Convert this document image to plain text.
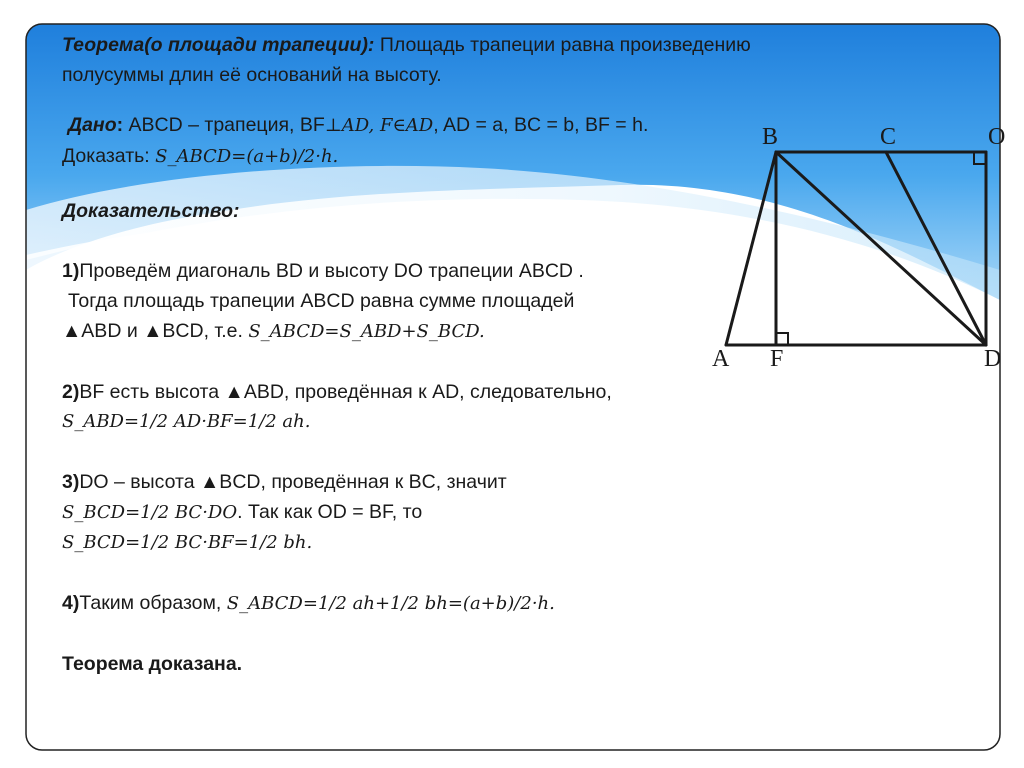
Теорема(о площади трапеции): Площадь трапеции равна произведению
полусуммы длин её оснований на высоту.
Дано: ABCD – трапеция, BF⊥AD, F∈AD, AD = a, BC = b, BF = h.
Доказать: S_ABCD=(a+b)/2·h.
Доказательство:
1)Проведём диагональ BD и высоту DO трапеции ABCD .
Тогда площадь трапеции ABCD равна сумме площадей
▲ABD и ▲BCD, т.е. S_ABCD=S_ABD+S_BCD.
2)BF есть высота ▲ABD, проведённая к AD, следовательно,
S_ABD=1/2 AD·BF=1/2 ah.
3)DO – высота ▲BCD, проведённая к BC, значит
S_BCD=1/2 BC·DO. Так как OD = BF, то
S_BCD=1/2 BC·BF=1/2 bh.
4)Таким образом, S_ABCD=1/2 ah+1/2 bh=(a+b)/2·h.
Теорема доказана.
B	C	O
A F	D
